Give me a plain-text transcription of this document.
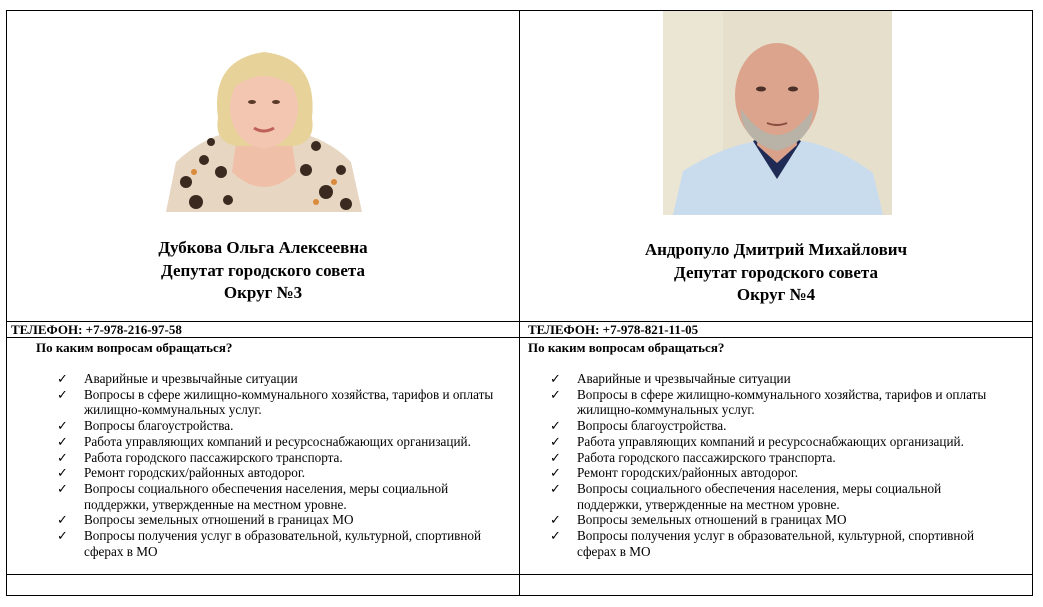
Дубкова Ольга Алексеевна
Депутат городского совета
Округ №3
ТЕЛЕФОН: +7-978-216-97-58
По каким вопросам обращаться?
✓ Аварийные и чрезвычайные ситуации
✓ Вопросы в сфере жилищно-коммунального хозяйства, тарифов и оплаты жилищно-коммунальных услуг.
✓ Вопросы благоустройства.
✓ Работа управляющих компаний и ресурсоснабжающих организаций.
✓ Работа городского пассажирского транспорта.
✓ Ремонт городских/районных автодорог.
✓ Вопросы социального обеспечения населения, меры социальной поддержки, утвержденные на местном уровне.
✓ Вопросы земельных отношений в границах МО
✓ Вопросы получения услуг в образовательной, культурной, спортивной сферах в МО
Андропуло Дмитрий Михайлович
Депутат городского совета
Округ №4
ТЕЛЕФОН: +7-978-821-11-05
По каким вопросам обращаться?
✓ Аварийные и чрезвычайные ситуации
✓ Вопросы в сфере жилищно-коммунального хозяйства, тарифов и оплаты жилищно-коммунальных услуг.
✓ Вопросы благоустройства.
✓ Работа управляющих компаний и ресурсоснабжающих организаций.
✓ Работа городского пассажирского транспорта.
✓ Ремонт городских/районных автодорог.
✓ Вопросы социального обеспечения населения, меры социальной поддержки, утвержденные на местном уровне.
✓ Вопросы земельных отношений в границах МО
✓ Вопросы получения услуг в образовательной, культурной, спортивной сферах в МО
